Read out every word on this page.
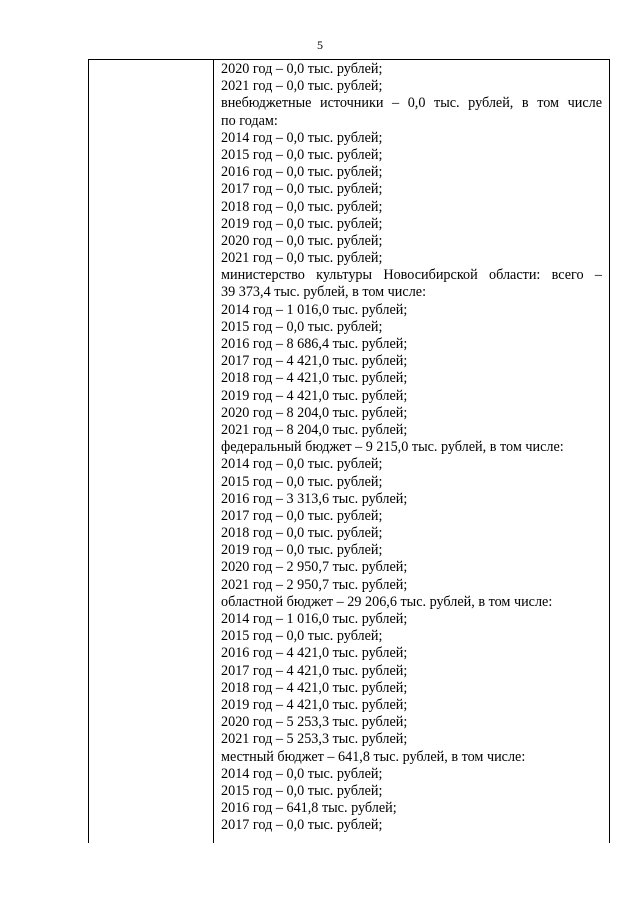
5
2020 год – 0,0 тыс. рублей;
2021 год – 0,0 тыс. рублей;
внебюджетные источники – 0,0 тыс. рублей, в том числе
по годам:
2014 год – 0,0 тыс. рублей;
2015 год – 0,0 тыс. рублей;
2016 год – 0,0 тыс. рублей;
2017 год – 0,0 тыс. рублей;
2018 год – 0,0 тыс. рублей;
2019 год – 0,0 тыс. рублей;
2020 год – 0,0 тыс. рублей;
2021 год – 0,0 тыс. рублей;
министерство культуры Новосибирской области: всего –
39 373,4 тыс. рублей, в том числе:
2014 год – 1 016,0 тыс. рублей;
2015 год – 0,0 тыс. рублей;
2016 год – 8 686,4 тыс. рублей;
2017 год – 4 421,0 тыс. рублей;
2018 год – 4 421,0 тыс. рублей;
2019 год – 4 421,0 тыс. рублей;
2020 год – 8 204,0 тыс. рублей;
2021 год – 8 204,0 тыс. рублей;
федеральный бюджет – 9 215,0 тыс. рублей, в том числе:
2014 год – 0,0 тыс. рублей;
2015 год – 0,0 тыс. рублей;
2016 год – 3 313,6 тыс. рублей;
2017 год – 0,0 тыс. рублей;
2018 год – 0,0 тыс. рублей;
2019 год – 0,0 тыс. рублей;
2020 год – 2 950,7 тыс. рублей;
2021 год – 2 950,7 тыс. рублей;
областной бюджет – 29 206,6 тыс. рублей, в том числе:
2014 год – 1 016,0 тыс. рублей;
2015 год – 0,0 тыс. рублей;
2016 год – 4 421,0 тыс. рублей;
2017 год – 4 421,0 тыс. рублей;
2018 год – 4 421,0 тыс. рублей;
2019 год – 4 421,0 тыс. рублей;
2020 год – 5 253,3 тыс. рублей;
2021 год – 5 253,3 тыс. рублей;
местный бюджет – 641,8 тыс. рублей, в том числе:
2014 год – 0,0 тыс. рублей;
2015 год – 0,0 тыс. рублей;
2016 год – 641,8 тыс. рублей;
2017 год – 0,0 тыс. рублей;
